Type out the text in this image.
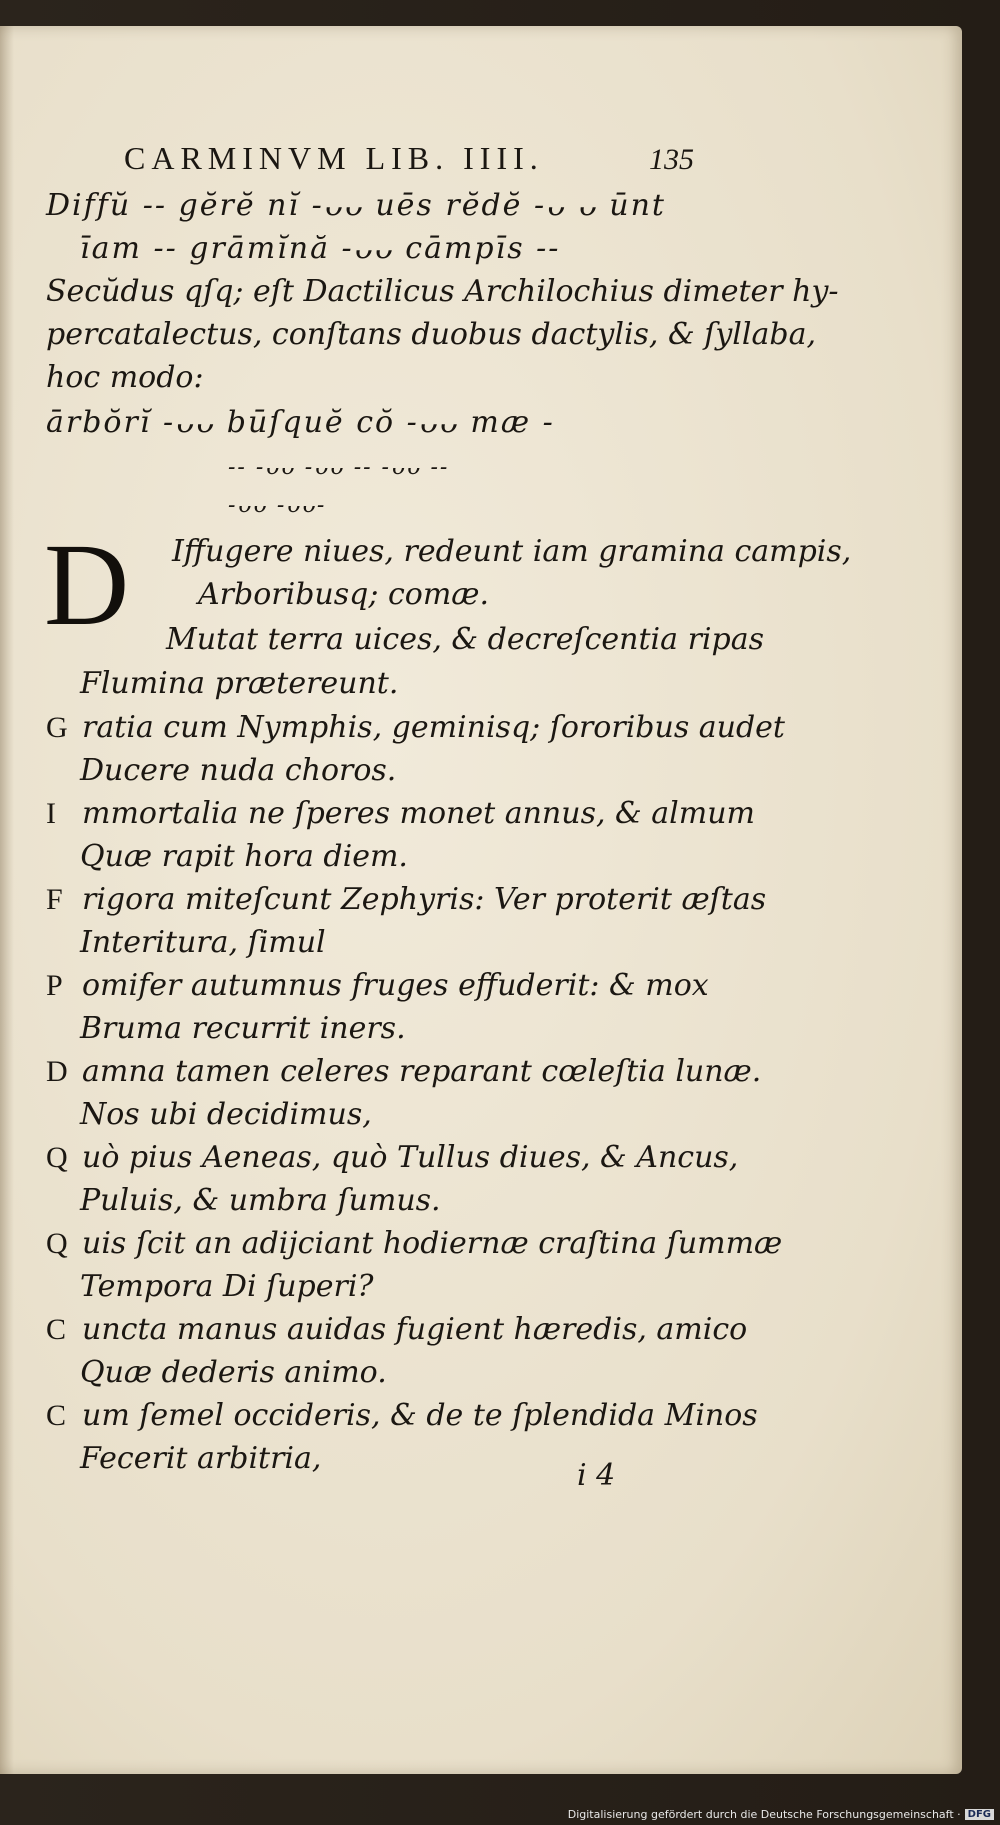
CARMINVM LIB. IIII.	135
Diffŭ -- gĕrĕ nĭ -ᴗᴗ uēs rĕdĕ -ᴗ ᴗ ūnt
īam -- grāmĭnă -ᴗᴗ cāmpīs --
Secŭdus qſq; eſt Dactilicus Archilochius dimeter hy-
percatalectus, conſtans duobus dactylis, & ſyllaba,
hoc modo:
ārbŏrĭ -ᴗᴗ būſquĕ cŏ -ᴗᴗ mæ -
-- -ᴗᴗ -ᴗᴗ -- -ᴗᴗ --
-ᴗᴗ -ᴗᴗ-
Iffugere niues, redeunt iam gramina campis,
Arboribusq; comæ.
Mutat terra uices, & decreſcentia ripas
Flumina prætereunt.
G ratia cum Nymphis, geminisq; ſororibus audet
Ducere nuda choros.
I mmortalia ne ſperes monet annus, & almum
Quæ rapit hora diem.
F rigora miteſcunt Zephyris: Ver proterit æſtas
Interitura, ſimul
P omifer autumnus fruges effuderit: & mox
Bruma recurrit iners.
D amna tamen celeres reparant cœleſtia lunæ.
Nos ubi decidimus,
Q uò pius Aeneas, quò Tullus diues, & Ancus,
Puluis, & umbra ſumus.
Q uis ſcit an adijciant hodiernæ craſtina ſummæ
Tempora Di ſuperi?
C uncta manus auidas fugient hæredis, amico
Quæ dederis animo.
C um ſemel occideris, & de te ſplendida Minos
Fecerit arbitria,
D
i 4
Digitalisierung gefördert durch die Deutsche Forschungsgemeinschaft · DFG
